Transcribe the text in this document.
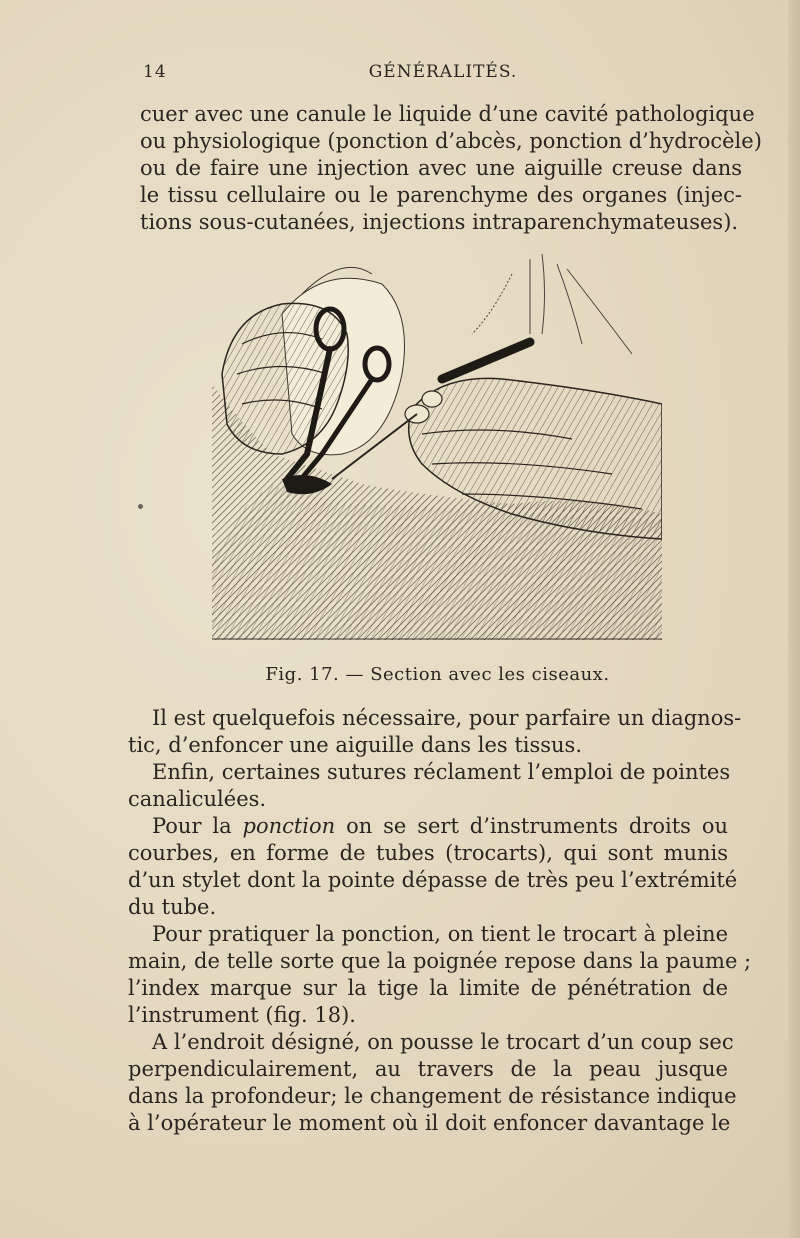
14	GÉNÉRALITÉS.
cuer avec une canule le liquide d’une cavité pathologique
ou physiologique (ponction d’abcès, ponction d’hydrocèle)
ou de faire une injection avec une aiguille creuse dans
le tissu cellulaire ou le parenchyme des organes (injec-
tions sous-cutanées, injections intraparenchymateuses).
Fig. 17. — Section avec les ciseaux.
Il est quelquefois nécessaire, pour parfaire un diagnos-
tic, d’enfoncer une aiguille dans les tissus.
Enfin, certaines sutures réclament l’emploi de pointes
canaliculées.
Pour la ponction on se sert d’instruments droits ou
courbes, en forme de tubes (trocarts), qui sont munis
d’un stylet dont la pointe dépasse de très peu l’extrémité
du tube.
Pour pratiquer la ponction, on tient le trocart à pleine
main, de telle sorte que la poignée repose dans la paume ;
l’index marque sur la tige la limite de pénétration de
l’instrument (fig. 18).
A l’endroit désigné, on pousse le trocart d’un coup sec
perpendiculairement, au travers de la peau jusque
dans la profondeur; le changement de résistance indique
à l’opérateur le moment où il doit enfoncer davantage le
